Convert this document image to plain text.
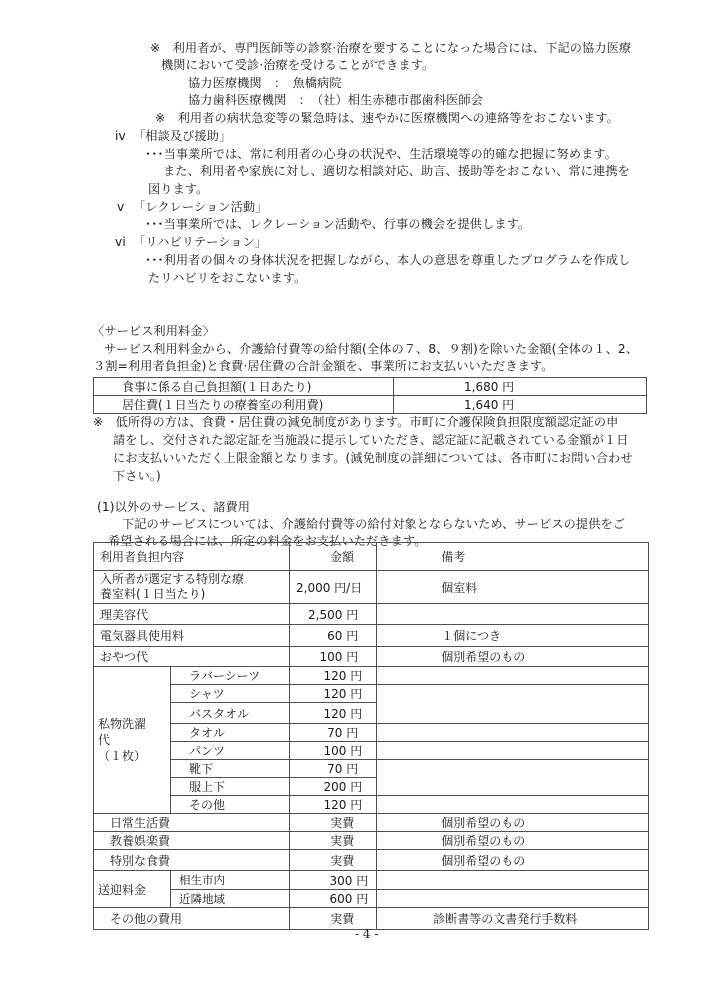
※　利用者が、専門医師等の診察·治療を要することになった場合には、下記の協力医療
機関において受診·治療を受けることができます。
協力医療機関　：　魚橋病院
協力歯科医療機関　：　（社）相生赤穂市郡歯科医師会
※　利用者の病状急変等の緊急時は、速やかに医療機関への連絡等をおこないます。
iv 「相談及び援助」
･･･当事業所では、常に利用者の心身の状況や、生活環境等の的確な把握に努めます。
また、利用者や家族に対し、適切な相談対応、助言、援助等をおこない、常に連携を
図ります。
v 「レクレーション活動」
･･･当事業所では、レクレーション活動や、行事の機会を提供します。
vi 「リハビリテーション」
･･･利用者の個々の身体状況を把握しながら、本人の意思を尊重したプログラムを作成し
たリハビリをおこないます。
〈サービス利用料金〉
サービス利用料金から、介護給付費等の給付額(全体の７、8、９割)を除いた金額(全体の１、2、
３割=利用者負担金)と食費·居住費の合計金額を、事業所にお支払いいただきます。
食事に係る自己負担額(１日あたり)	1,680 円
居住費(１日当たりの療養室の利用費)	1,640 円
※　低所得の方は、食費・居住費の減免制度があります。市町に介護保険負担限度額認定証の申
請をし、交付された認定証を当施設に提示していただき、認定証に記載されている金額が１日
にお支払いいただく上限金額となります。(減免制度の詳細については、各市町にお問い合わせ
下さい。)
(1)以外のサービス、諸費用
下記のサービスについては、介護給付費等の給付対象とならないため、サービスの提供をご
希望される場合には、所定の料金をお支払いただきます。
利用者負担内容		金額	備考

入所者が選定する特別な療
養室料(１日当たり)		2,000 円/日	個室料
理美容代		2,500 円	
電気器具使用料		60 円	１個につき
おやつ代		100 円	個別希望のもの

私物洗濯
代
（１枚）	ラバーシーツ	120 円	
	シャツ	120 円	
	バスタオル	120 円	
	タオル	70 円	
	パンツ	100 円	
	靴下	70 円	
	服上下	200 円	
	その他	120 円	
日常生活費		実費	個別希望のもの
教養娯楽費		実費	個別希望のもの
特別な食費		実費	個別希望のもの
送迎料金	相生市内	300 円	
	近隣地域	600 円	
その他の費用		実費	診断書等の文書発行手数料
- 4 -
